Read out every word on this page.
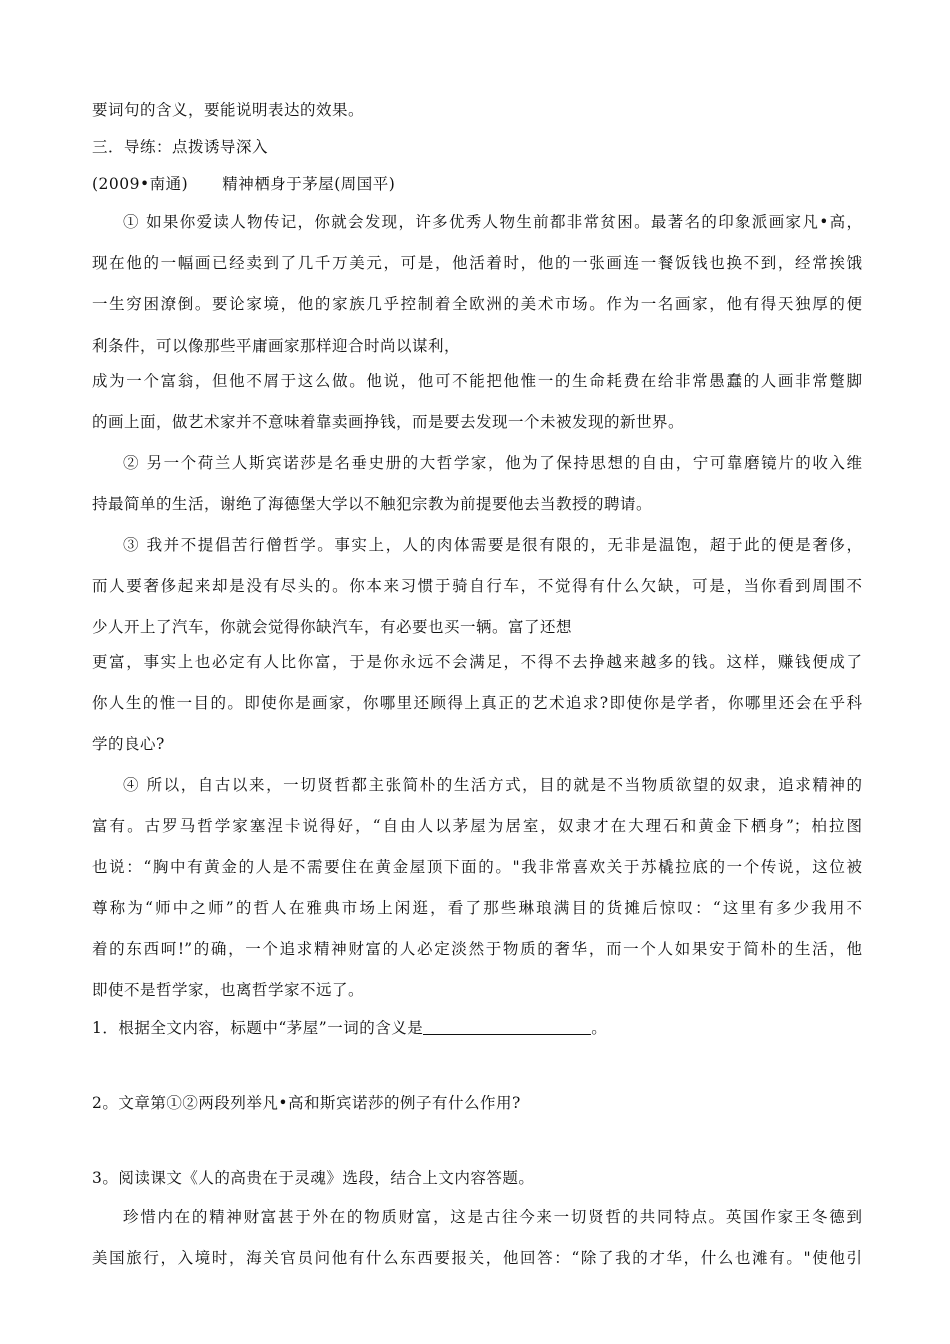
要词句的含义，要能说明表达的效果。
三．导练：点拨诱导深入
(2009•南通) 精神栖身于茅屋(周国平)
① 如果你爱读人物传记，你就会发现，许多优秀人物生前都非常贫困。最著名的印象派画家凡•高，
现在他的一幅画已经卖到了几千万美元，可是，他活着时，他的一张画连一餐饭钱也换不到，经常挨饿
一生穷困潦倒。要论家境，他的家族几乎控制着全欧洲的美术市场。作为一名画家，他有得天独厚的便
利条件，可以像那些平庸画家那样迎合时尚以谋利，
成为一个富翁，但他不屑于这么做。他说，他可不能把他惟一的生命耗费在给非常愚蠢的人画非常蹩脚
的画上面，做艺术家并不意味着靠卖画挣钱，而是要去发现一个未被发现的新世界。
② 另一个荷兰人斯宾诺莎是名垂史册的大哲学家，他为了保持思想的自由，宁可靠磨镜片的收入维
持最简单的生活，谢绝了海德堡大学以不触犯宗教为前提要他去当教授的聘请。
③ 我并不提倡苦行僧哲学。事实上，人的肉体需要是很有限的，无非是温饱，超于此的便是奢侈，
而人要奢侈起来却是没有尽头的。你本来习惯于骑自行车，不觉得有什么欠缺，可是，当你看到周围不
少人开上了汽车，你就会觉得你缺汽车，有必要也买一辆。富了还想
更富，事实上也必定有人比你富，于是你永远不会满足，不得不去挣越来越多的钱。这样，赚钱便成了
你人生的惟一目的。即使你是画家，你哪里还顾得上真正的艺术追求?即使你是学者，你哪里还会在乎科
学的良心?
④ 所以，自古以来，一切贤哲都主张简朴的生活方式，目的就是不当物质欲望的奴隶，追求精神的
富有。古罗马哲学家塞涅卡说得好，“自由人以茅屋为居室，奴隶才在大理石和黄金下栖身”；柏拉图
也说：“胸中有黄金的人是不需要住在黄金屋顶下面的。"我非常喜欢关于苏橇拉底的一个传说，这位被
尊称为“师中之师”的哲人在雅典市场上闲逛，看了那些琳琅满目的货摊后惊叹：“这里有多少我用不
着的东西呵!”的确，一个追求精神财富的人必定淡然于物质的奢华，而一个人如果安于简朴的生活，他
即使不是哲学家，也离哲学家不远了。
1．根据全文内容，标题中“茅屋”一词的含义是	。
2。文章第①②两段列举凡•高和斯宾诺莎的例子有什么作用?
3。阅读课文《人的高贵在于灵魂》选段，结合上文内容答题。
珍惜内在的精神财富甚于外在的物质财富，这是古往今来一切贤哲的共同特点。英国作家王冬德到
美国旅行，入境时，海关官员问他有什么东西要报关，他回答：“除了我的才华，什么也滩有。"使他引
